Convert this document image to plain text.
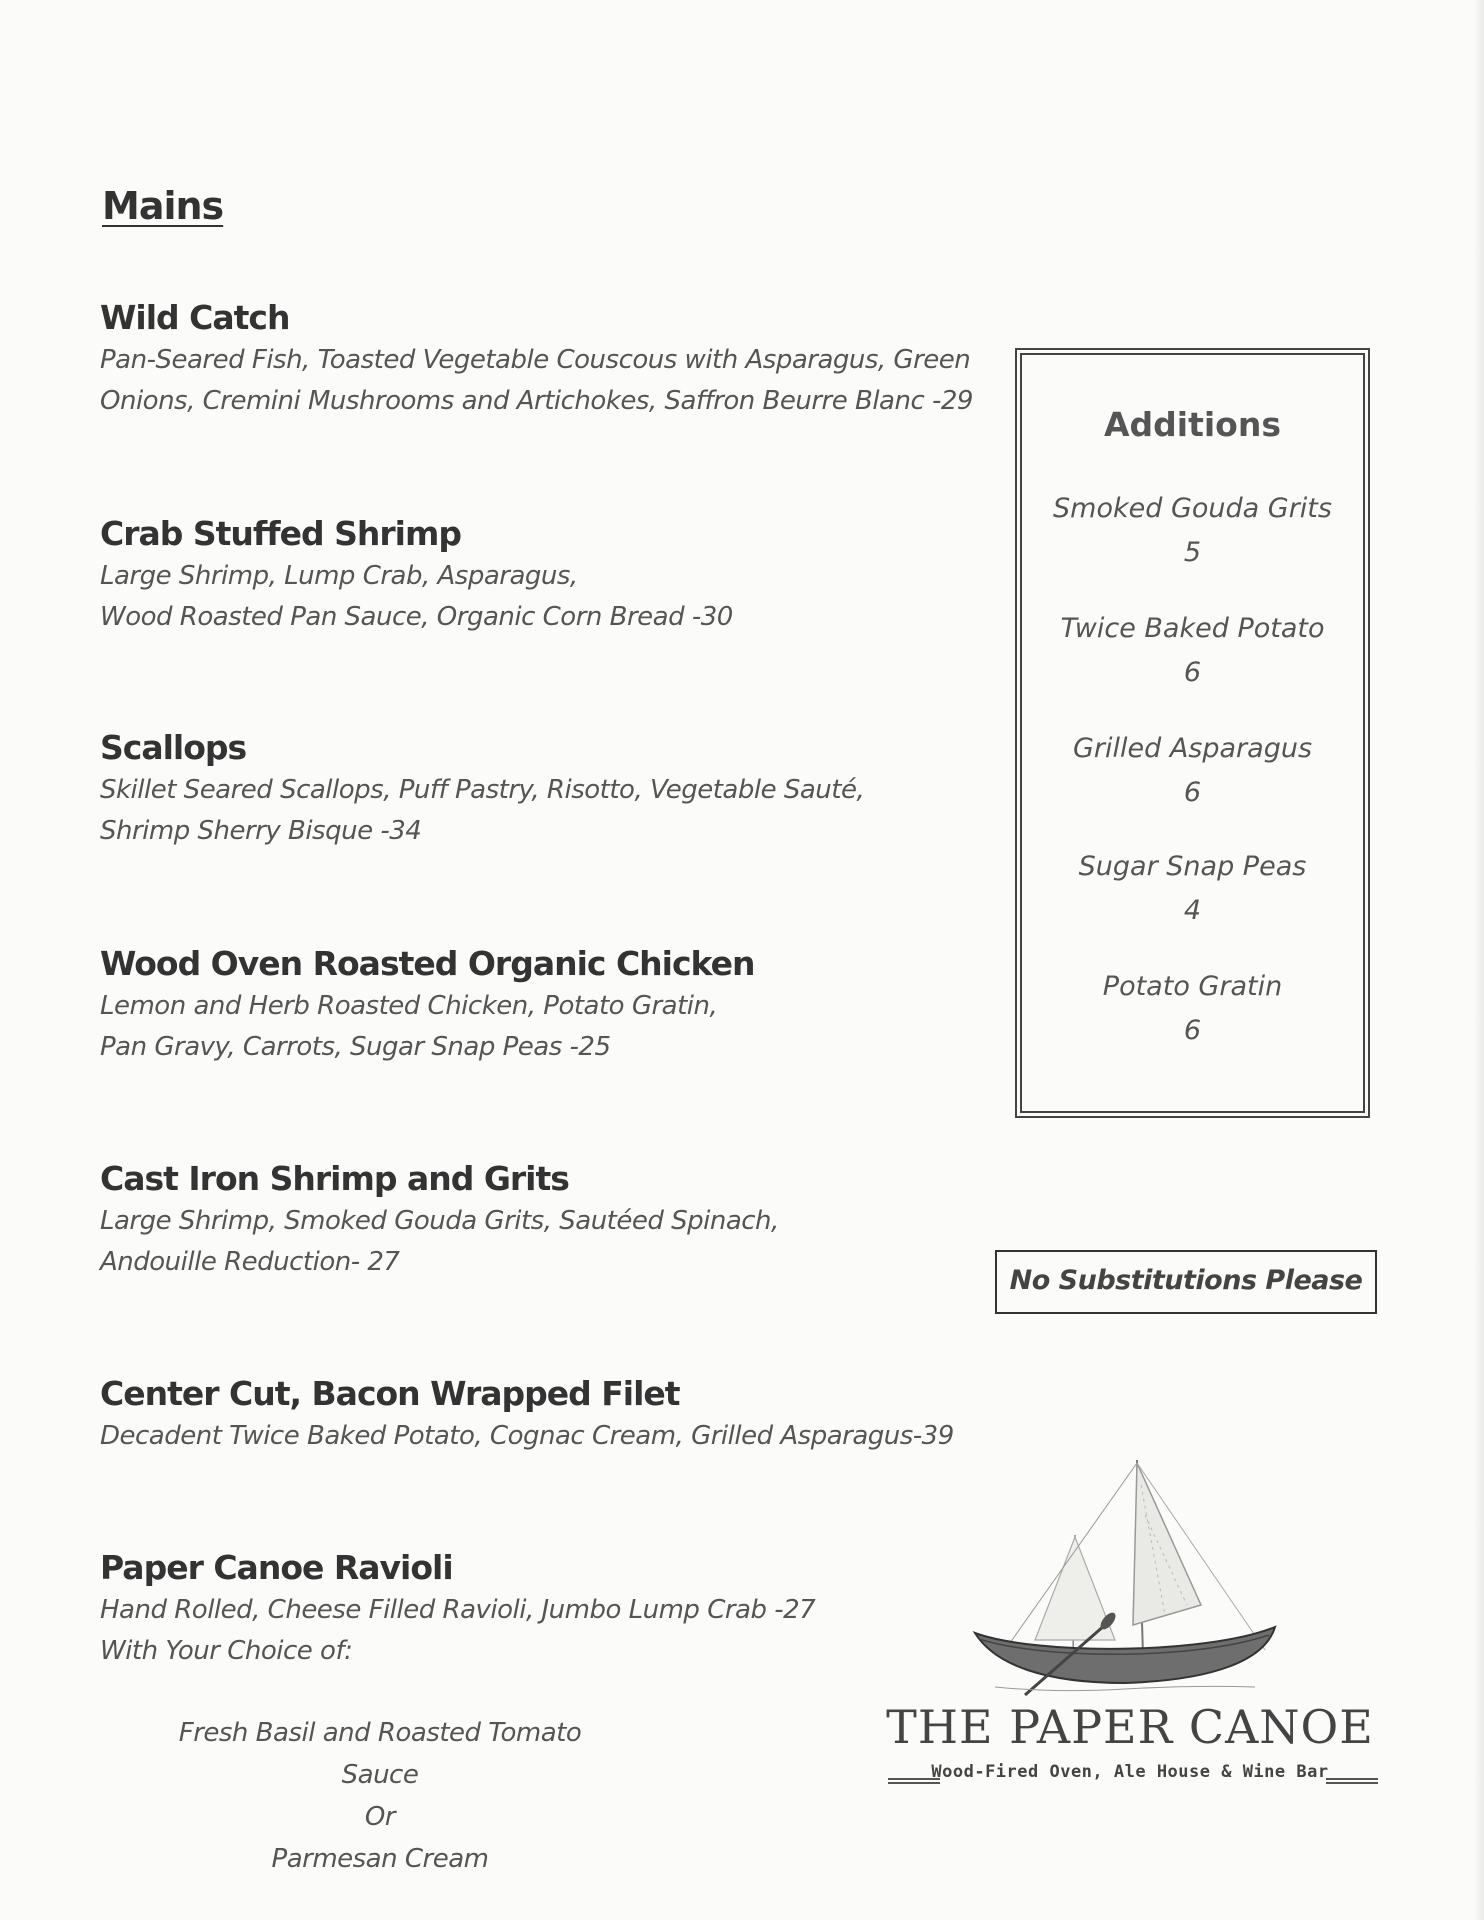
Mains
Wild Catch
Pan-Seared Fish, Toasted Vegetable Couscous with Asparagus, Green
Onions, Cremini Mushrooms and Artichokes, Saffron Beurre Blanc -29
Crab Stuffed Shrimp
Large Shrimp, Lump Crab, Asparagus,
Wood Roasted Pan Sauce, Organic Corn Bread -30
Scallops
Skillet Seared Scallops, Puff Pastry, Risotto, Vegetable Sauté,
Shrimp Sherry Bisque -34
Wood Oven Roasted Organic Chicken
Lemon and Herb Roasted Chicken, Potato Gratin,
Pan Gravy, Carrots, Sugar Snap Peas -25
Cast Iron Shrimp and Grits
Large Shrimp, Smoked Gouda Grits, Sautéed Spinach,
Andouille Reduction- 27
Center Cut, Bacon Wrapped Filet
Decadent Twice Baked Potato, Cognac Cream, Grilled Asparagus-39
Paper Canoe Ravioli
Hand Rolled, Cheese Filled Ravioli, Jumbo Lump Crab -27
With Your Choice of:
Fresh Basil and Roasted Tomato Sauce
Or
Parmesan Cream
Additions
Smoked Gouda Grits
5
Twice Baked Potato
6
Grilled Asparagus
6
Sugar Snap Peas
4
Potato Gratin
6
No Substitutions Please
THE PAPER CANOE
Wood-Fired Oven, Ale House & Wine Bar
